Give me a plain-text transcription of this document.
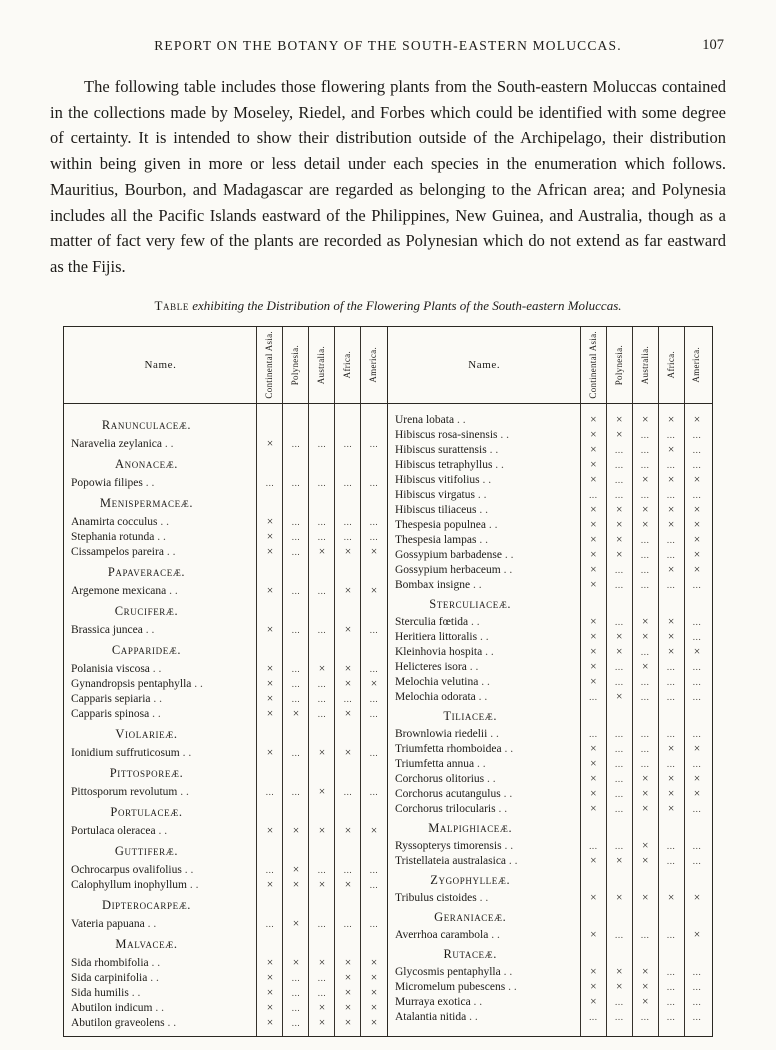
REPORT ON THE BOTANY OF THE SOUTH-EASTERN MOLUCCAS.	107

The following table includes those flowering plants from the South-eastern Moluccas contained in the collections made by Moseley, Riedel, and Forbes which could be identified with some degree of certainty. It is intended to show their distribution outside of the Archipelago, their distribution within being given in more or less detail under each species in the enumeration which follows. Mauritius, Bourbon, and Madagascar are regarded as belonging to the African area; and Polynesia includes all the Pacific Islands eastward of the Philippines, New Guinea, and Australia, though as a matter of fact very few of the plants are recorded as Polynesian which do not extend as far eastward as the Fijis.

Table exhibiting the Distribution of the Flowering Plants of the South-eastern Moluccas.

Name.	Continental Asia. Polynesia. Australia. Africa. America.	Name.	Continental Asia. Polynesia. Australia. Africa. America.
Ranunculaceæ.
Naravelia zeylanica . .	×	...	...	...	...
Anonaceæ.
Popowia filipes . .	...	...	...	...	...
Menispermaceæ.
Anamirta cocculus . .	×	...	...	...	...
Stephania rotunda . .	×	...	...	...	...
Cissampelos pareira . .	×	...	×	×	×
Papaveraceæ.
Argemone mexicana . .	×	...	...	×	×
Cruciferæ.
Brassica juncea . .	×	...	...	×	...
Capparideæ.
Polanisia viscosa . .	×	...	×	×	...
Gynandropsis pentaphylla . .	×	...	...	×	×
Capparis sepiaria . .	×	...	...	...	...
Capparis spinosa . .	×	×	...	×	...
Violarieæ.
Ionidium suffruticosum . .	×	...	×	×	...
Pittosporeæ.
Pittosporum revolutum . .	...	...	×	...	...
Portulaceæ.
Portulaca oleracea . .	×	×	×	×	×
Guttiferæ.
Ochrocarpus ovalifolius . .	...	×	...	...	...
Calophyllum inophyllum . .	×	×	×	×	...
Dipterocarpeæ.
Vateria papuana . .	...	×	...	...	...
Malvaceæ.
Sida rhombifolia . .	×	×	×	×	×
Sida carpinifolia . .	×	...	...	×	×
Sida humilis . .	×	...	...	×	×
Abutilon indicum . .	×	...	×	×	×
Abutilon graveolens . .	×	...	×	×	×
Urena lobata . .	×	×	×	×	×
Hibiscus rosa-sinensis . .	×	×	...	...	...
Hibiscus surattensis . .	×	...	...	×	...
Hibiscus tetraphyllus . .	×	...	...	...	...
Hibiscus vitifolius . .	×	...	×	×	×
Hibiscus virgatus . .	...	...	...	...	...
Hibiscus tiliaceus . .	×	×	×	×	×
Thespesia populnea . .	×	×	×	×	×
Thespesia lampas . .	×	×	...	...	×
Gossypium barbadense . .	×	×	...	...	×
Gossypium herbaceum . .	×	...	...	×	×
Bombax insigne . .	×	...	...	...	...
Sterculiaceæ.
Sterculia fœtida . .	×	...	×	×	...
Heritiera littoralis . .	×	×	×	×	...
Kleinhovia hospita . .	×	×	...	×	×
Helicteres isora . .	×	...	×	...	...
Melochia velutina . .	×	...	...	...	...
Melochia odorata . .	...	×	...	...	...
Tiliaceæ.
Brownlowia riedelii . .	...	...	...	...	...
Triumfetta rhomboidea . .	×	...	...	×	×
Triumfetta annua . .	×	...	...	...	...
Corchorus olitorius . .	×	...	×	×	×
Corchorus acutangulus . .	×	...	×	×	×
Corchorus trilocularis . .	×	...	×	×	...
Malpighiaceæ.
Ryssopterys timorensis . .	...	...	×	...	...
Tristellateia australasica . .	×	×	×	...	...
Zygophylleæ.
Tribulus cistoides . .	×	×	×	×	×
Geraniaceæ.
Averrhoa carambola . .	×	...	...	...	×
Rutaceæ.
Glycosmis pentaphylla . .	×	×	×	...	...
Micromelum pubescens . .	×	×	×	...	...
Murraya exotica . .	×	...	×	...	...
Atalantia nitida . .	...	...	...	...	...
